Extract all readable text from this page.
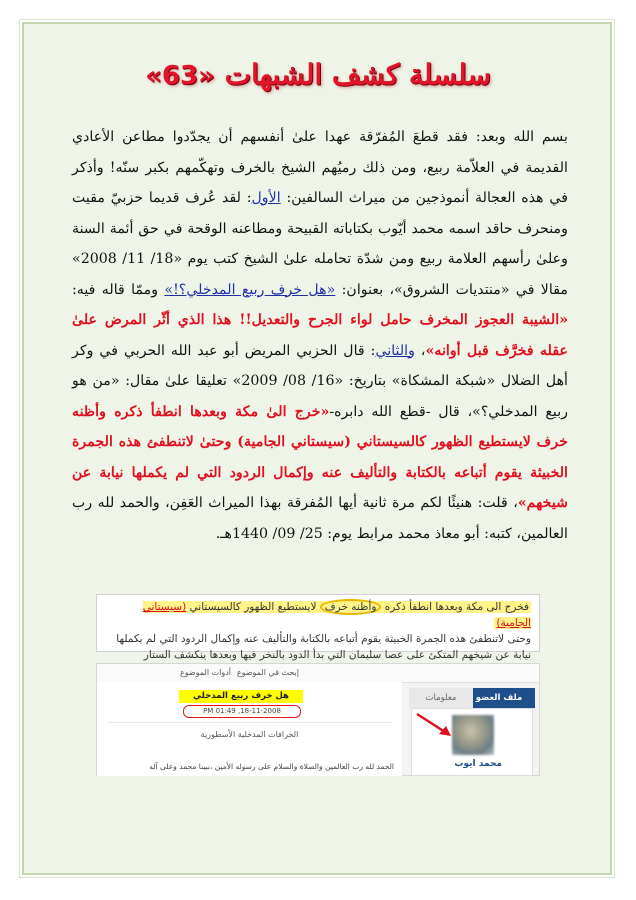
سلسلة كشف الشبهات «63»
بسم الله وبعد: فقد قطعَ المُفرّقة عهدا علىٰ أنفسهم أن يجدّدوا مطاعن الأعادي القديمة في العلاّمة ربيع، ومن ذلك رميُهم الشيخ بالخرف وتهكّمهم بكبر سنّه! وأذكر في هذه العجالة أنموذجين من ميراث السالفين: الأول: لقد عُرف قديما حزبيّ مقيت ومنحرف حاقد اسمه محمد أيّوب بكتاباته القبيحة ومطاعنه الوقحة في حق أئمة السنة وعلىٰ رأسهم العلامة ربيع ومن شدّة تحامله علىٰ الشيخ كتب يوم «18/ 11/ 2008» مقالا في «منتديات الشروق»، بعنوان: «هل خرف ربيع المدخلي؟!» وممّا قاله فيه: «الشيبة العجوز المخرف حامل لواء الجرح والتعديل!! هذا الذي أثّر المرض علىٰ عقله فخرَّف قبل أوانه»، والثاني: قال الحزبي المريض أبو عبد الله الحربي في وكر أهل الضلال «شبكة المشكاة» بتاريخ: «16/ 08/ 2009» تعليقا علىٰ مقال: «من هو ربيع المدخلي؟»، قال -قطع الله دابره-«خرج الىٰ مكة وبعدها انطفأ ذكره وأظنه خرف لايستطيع الظهور كالسيستاني (سيستاني الجامية) وحتىٰ لاتنطفئ هذه الجمرة الخبيثة يقوم أتباعه بالكتابة والتأليف عنه وإكمال الردود التي لم يكملها نيابة عن شيخهم»، قلت: هنيئًا لكم مرة ثانية أيها المُفرقة بهذا الميراث العَفِن، والحمد لله رب العالمين، كتبه: أبو معاذ محمد مرابط يوم: 25/ 09/ 1440هـ.
فخرج الى مكة وبعدها انطفأ ذكره وأظنه خرف لايستطيع الظهور كالسيستاني (سيستاني الجامية)
وحتى لاتنطفئ هذه الجمرة الخبيثة يقوم أتباعه بالكتابة والتأليف عنه وإكمال الردود التي لم يكملها
نيابة عن شيخهم المتكئ على عصا سليمان التي بدأ الدود بالنخر فيها وبعدها ينكشف الستار
أدوات الموضوع إبحث في الموضوع
ملف العضو
معلومات
محمد ايوب
هل خرف ربيع المدخلي
18-11-2008, 01:49 PM
الخرافات المدخلية الأسطورية
الحمد لله رب العالمين والصلاة والسلام على رسوله الأمين ،نبينا محمد وعلى آله
